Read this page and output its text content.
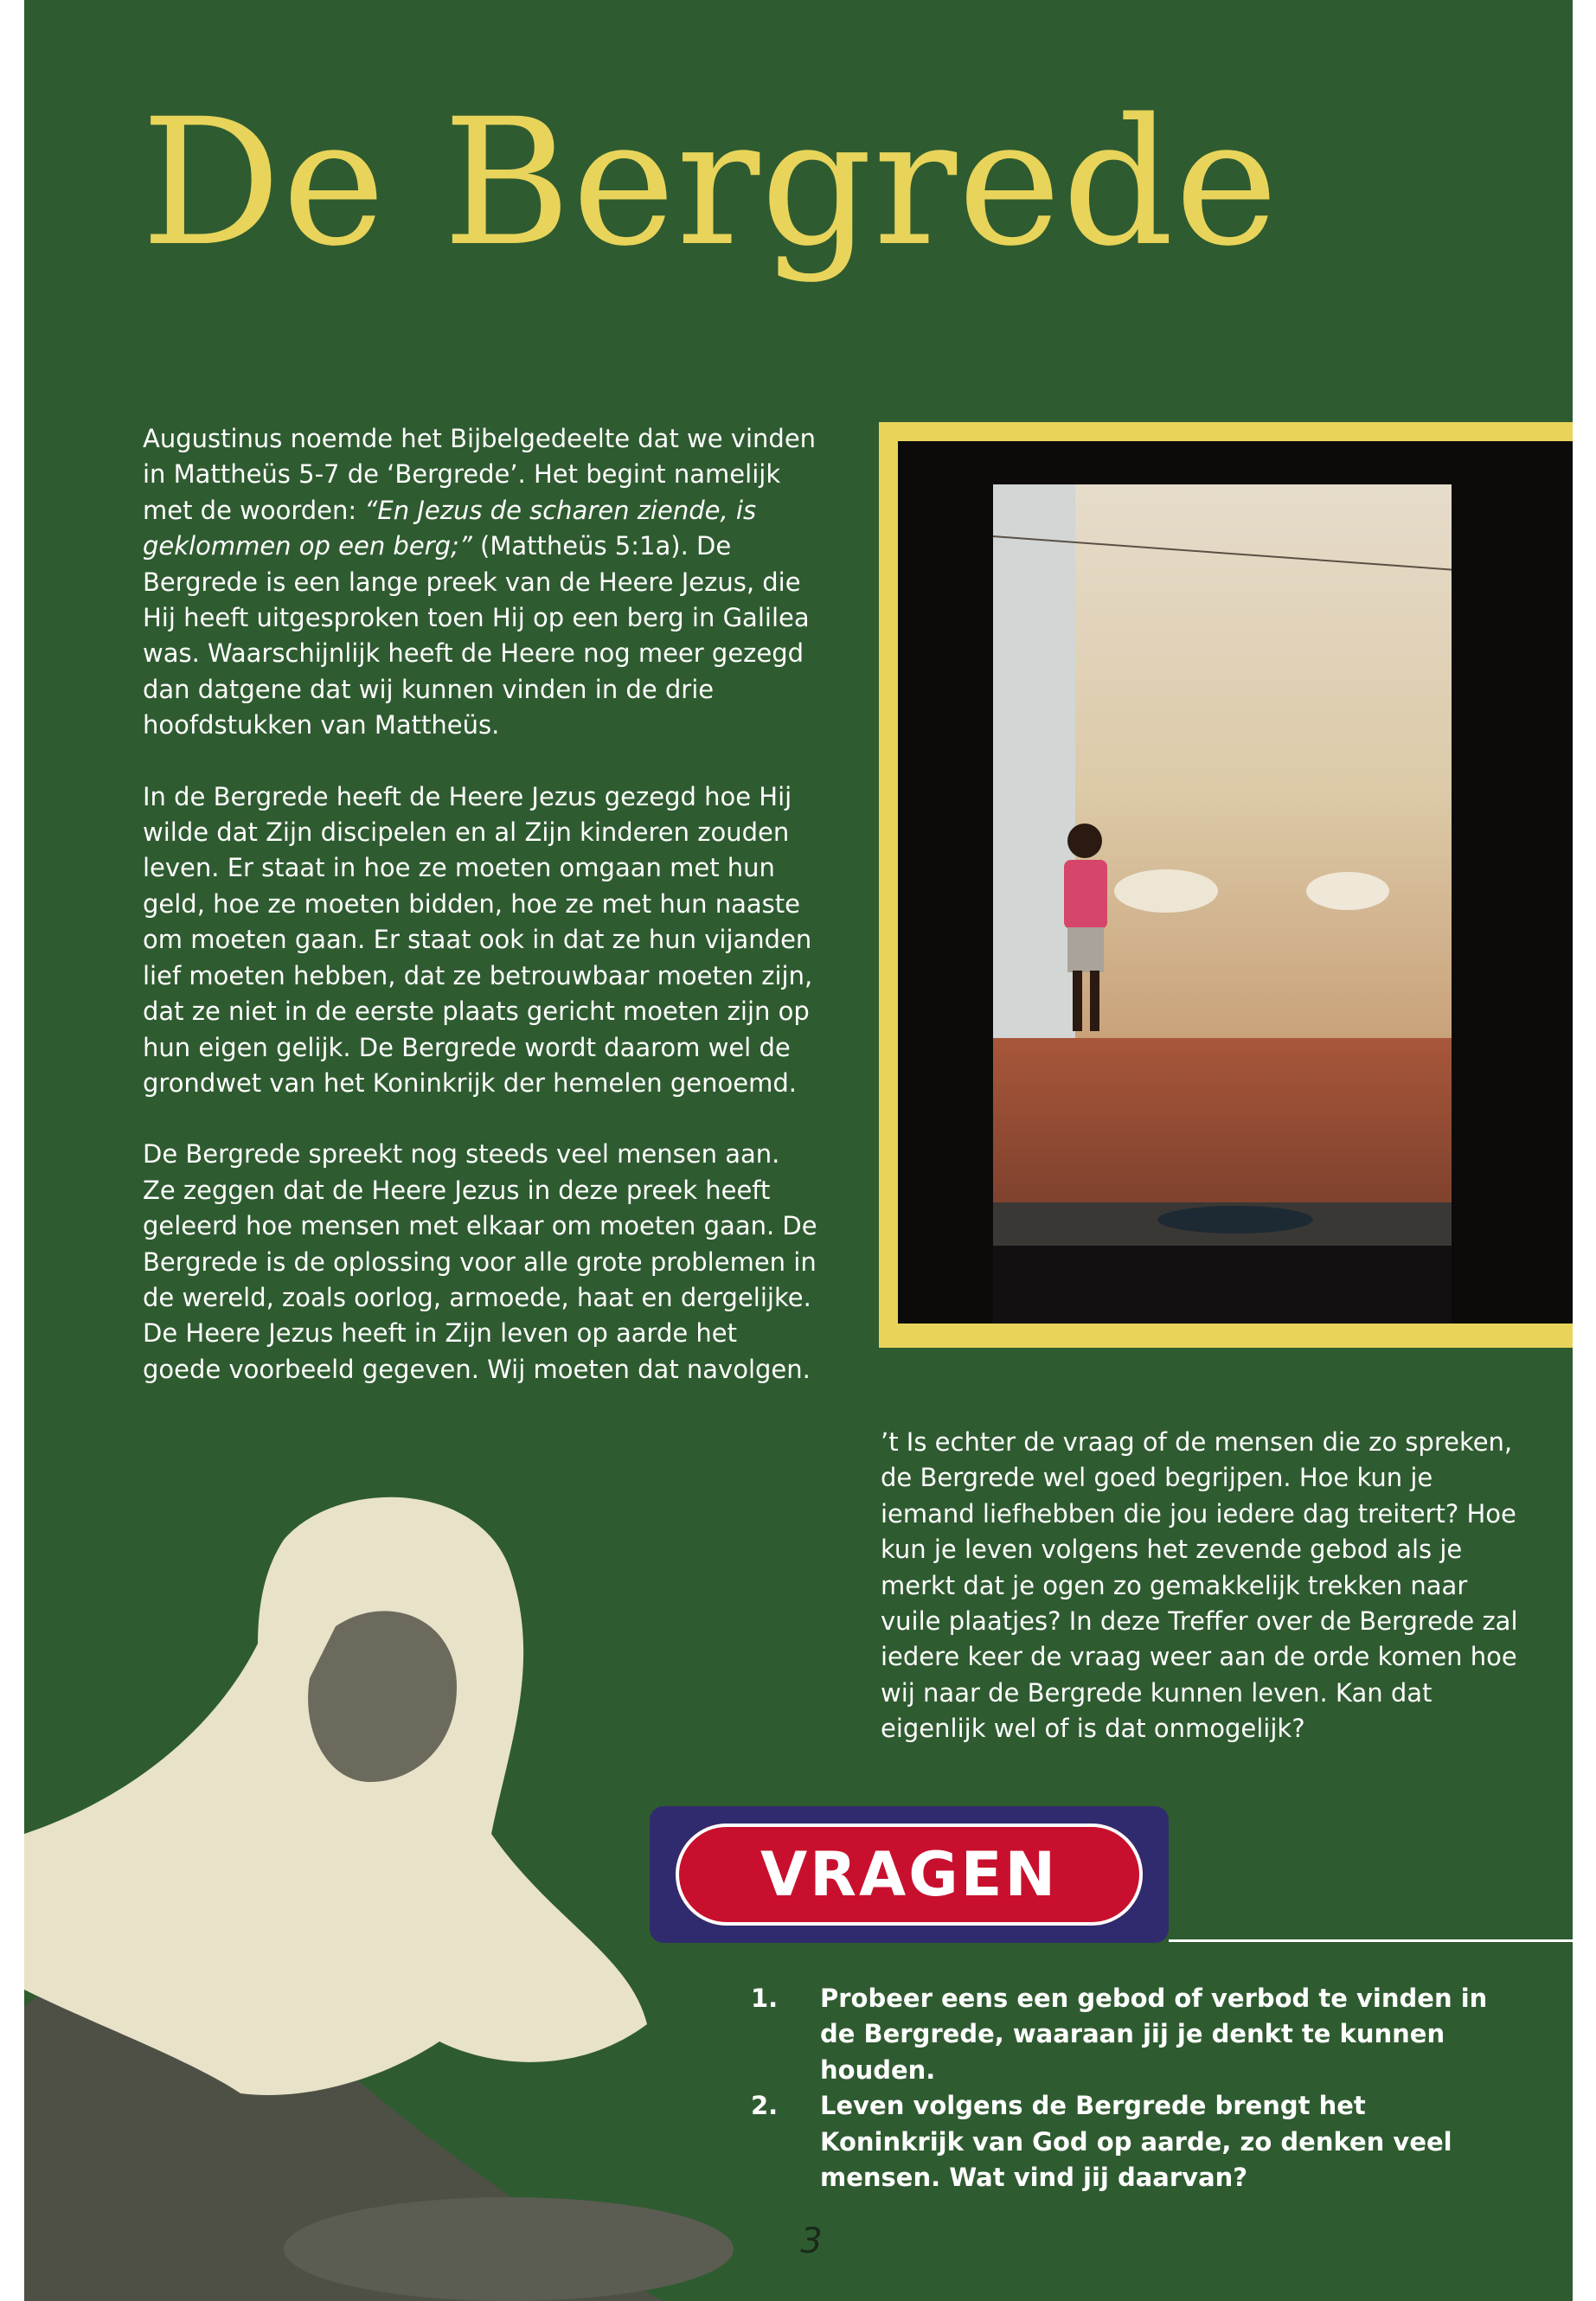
De Bergrede

Augustinus noemde het Bijbelgedeelte dat we vinden in Mattheüs 5-7 de ‘Bergrede’. Het begint namelijk met de woorden: “En Jezus de scharen ziende, is geklommen op een berg;” (Mattheüs 5:1a). De Bergrede is een lange preek van de Heere Jezus, die Hij heeft uitgesproken toen Hij op een berg in Galilea was. Waarschijnlijk heeft de Heere nog meer gezegd dan datgene dat wij kunnen vinden in de drie hoofdstukken van Mattheüs.

In de Bergrede heeft de Heere Jezus gezegd hoe Hij wilde dat Zijn discipelen en al Zijn kinderen zouden leven. Er staat in hoe ze moeten omgaan met hun geld, hoe ze moeten bidden, hoe ze met hun naaste om moeten gaan. Er staat ook in dat ze hun vijanden lief moeten hebben, dat ze betrouwbaar moeten zijn, dat ze niet in de eerste plaats gericht moeten zijn op hun eigen gelijk. De Bergrede wordt daarom wel de grondwet van het Koninkrijk der hemelen genoemd.

De Bergrede spreekt nog steeds veel mensen aan. Ze zeggen dat de Heere Jezus in deze preek heeft geleerd hoe mensen met elkaar om moeten gaan. De Bergrede is de oplossing voor alle grote problemen in de wereld, zoals oorlog, armoede, haat en dergelijke. De Heere Jezus heeft in Zijn leven op aarde het goede voorbeeld gegeven. Wij moeten dat navolgen.

’t Is echter de vraag of de mensen die zo spreken, de Bergrede wel goed begrijpen. Hoe kun je iemand liefhebben die jou iedere dag treitert? Hoe kun je leven volgens het zevende gebod als je merkt dat je ogen zo gemakkelijk trekken naar vuile plaatjes? In deze Treffer over de Bergrede zal iedere keer de vraag weer aan de orde komen hoe wij naar de Bergrede kunnen leven. Kan dat eigenlijk wel of is dat onmogelijk?

VRAGEN
1. Probeer eens een gebod of verbod te vinden in de Bergrede, waaraan jij je denkt te kunnen houden.
2. Leven volgens de Bergrede brengt het Koninkrijk van God op aarde, zo denken veel mensen. Wat vind jij daarvan?
3
